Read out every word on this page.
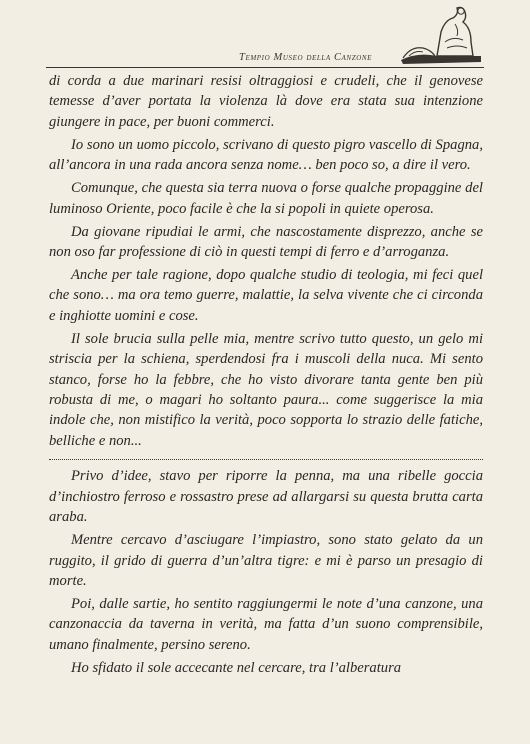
Tempio Museo della Canzone

di corda a due marinari resisi oltraggiosi e crudeli, che il genovese temesse d’aver portata la violenza là dove era stata sua intenzione giungere in pace, per buoni commerci.

Io sono un uomo piccolo, scrivano di questo pigro vascello di Spagna, all’ancora in una rada ancora senza nome… ben poco so, a dire il vero.

Comunque, che questa sia terra nuova o forse qualche propaggine del luminoso Oriente, poco facile è che la si popoli in quiete operosa.

Da giovane ripudiai le armi, che nascostamente disprezzo, anche se non oso far professione di ciò in questi tempi di ferro e d’arroganza.

Anche per tale ragione, dopo qualche studio di teologia, mi feci quel che sono… ma ora temo guerre, malattie, la selva vivente che ci circonda e inghiotte uomini e cose.

Il sole brucia sulla pelle mia, mentre scrivo tutto questo, un gelo mi striscia per la schiena, sperdendosi fra i muscoli della nuca. Mi sento stanco, forse ho la febbre, che ho visto divorare tanta gente ben più robusta di me, o magari ho soltanto paura... come suggerisce la mia indole che, non mistifico la verità, poco sopporta lo strazio delle fatiche, belliche e non...

Privo d’idee, stavo per riporre la penna, ma una ribelle goccia d’inchiostro ferroso e rossastro prese ad allargarsi su questa brutta carta araba.

Mentre cercavo d’asciugare l’impiastro, sono stato gelato da un ruggito, il grido di guerra d’un’altra tigre: e mi è parso un presagio di morte.

Poi, dalle sartie, ho sentito raggiungermi le note d’una canzone, una canzonaccia da taverna in verità, ma fatta d’un suono comprensibile, umano finalmente, persino sereno.

Ho sfidato il sole accecante nel cercare, tra l’alberatura
